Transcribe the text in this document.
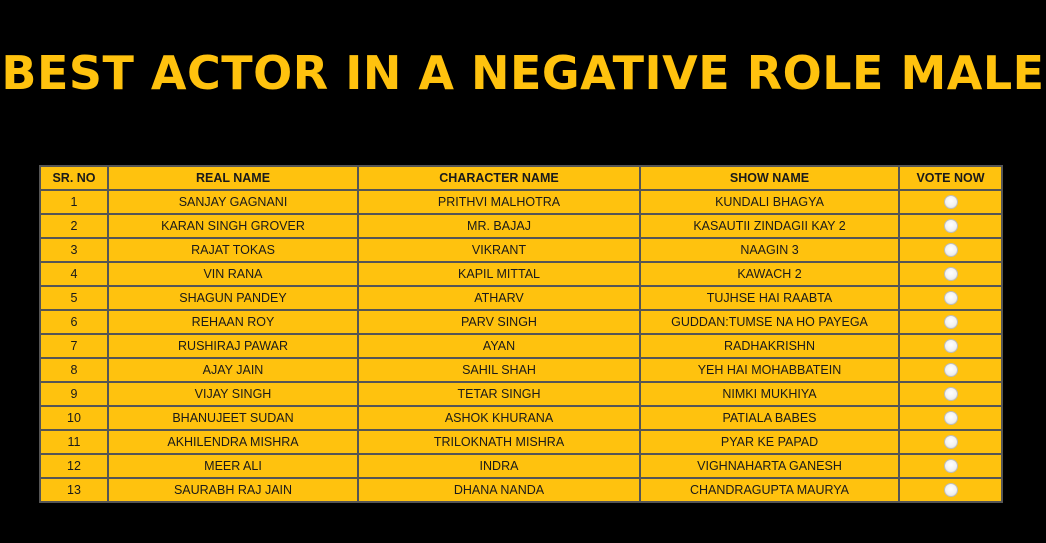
BEST ACTOR IN A NEGATIVE ROLE MALE
SR. NO	REAL NAME	CHARACTER NAME	SHOW NAME	VOTE NOW
1	SANJAY GAGNANI	PRITHVI MALHOTRA	KUNDALI BHAGYA	
2	KARAN SINGH GROVER	MR. BAJAJ	KASAUTII ZINDAGII KAY 2	
3	RAJAT TOKAS	VIKRANT	NAAGIN 3	
4	VIN RANA	KAPIL MITTAL	KAWACH 2	
5	SHAGUN PANDEY	ATHARV	TUJHSE HAI RAABTA	
6	REHAAN ROY	PARV SINGH	GUDDAN:TUMSE NA HO PAYEGA	
7	RUSHIRAJ PAWAR	AYAN	RADHAKRISHN	
8	AJAY JAIN	SAHIL SHAH	YEH HAI MOHABBATEIN	
9	VIJAY SINGH	TETAR SINGH	NIMKI MUKHIYA	
10	BHANUJEET SUDAN	ASHOK KHURANA	PATIALA BABES	
11	AKHILENDRA MISHRA	TRILOKNATH MISHRA	PYAR KE PAPAD	
12	MEER ALI	INDRA	VIGHNAHARTA GANESH	
13	SAURABH RAJ JAIN	DHANA NANDA	CHANDRAGUPTA MAURYA	
